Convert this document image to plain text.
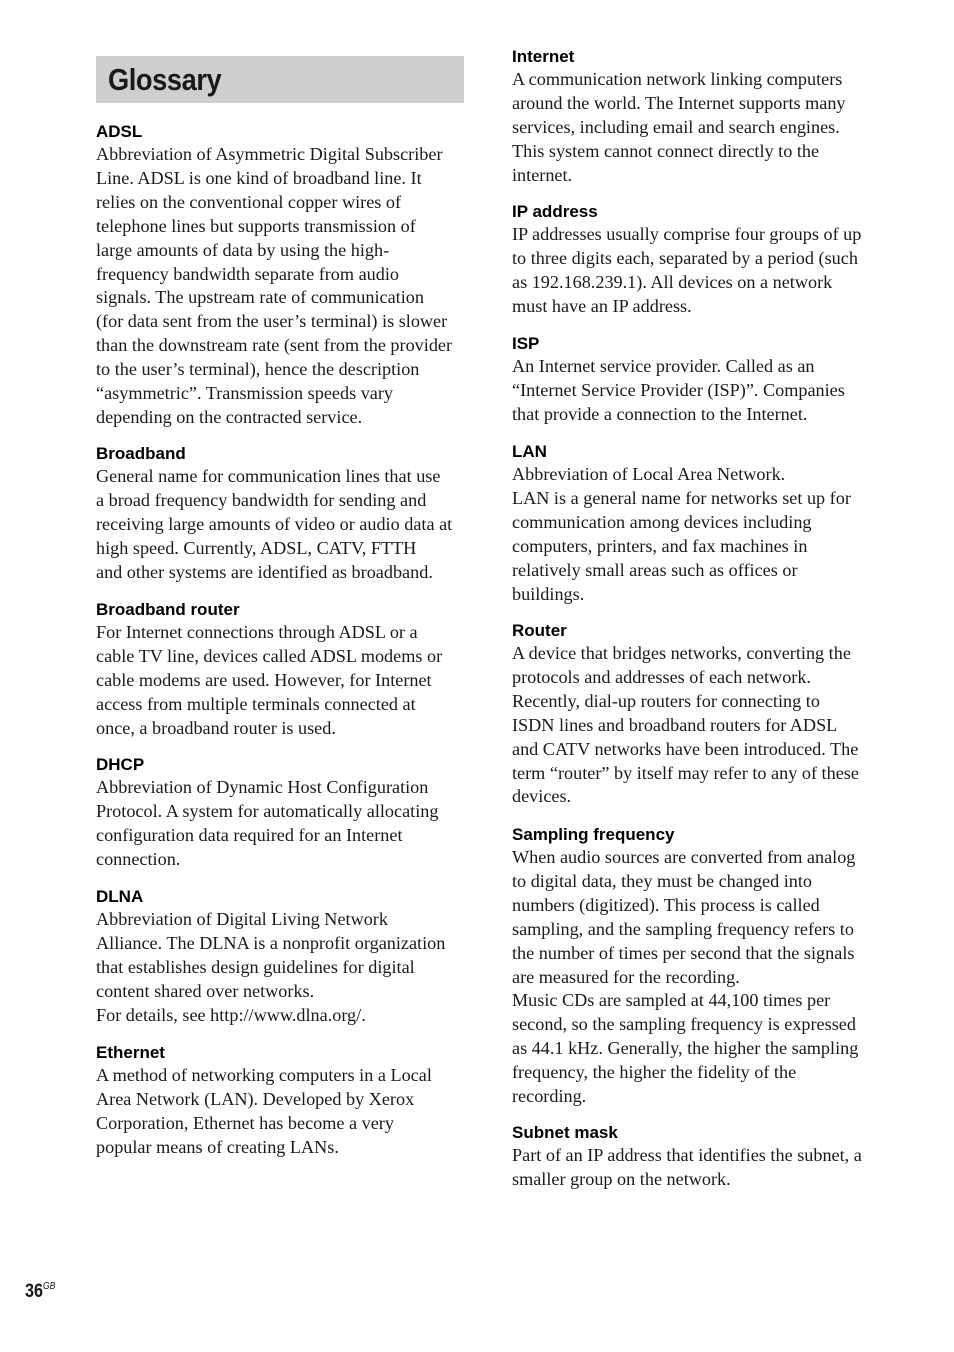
Glossary
ADSL

Abbreviation of Asymmetric Digital Subscriber
Line. ADSL is one kind of broadband line. It
relies on the conventional copper wires of
telephone lines but supports transmission of
large amounts of data by using the high-
frequency bandwidth separate from audio
signals. The upstream rate of communication
(for data sent from the user’s terminal) is slower
than the downstream rate (sent from the provider
to the user’s terminal), hence the description
“asymmetric”. Transmission speeds vary
depending on the contracted service.

Broadband

General name for communication lines that use
a broad frequency bandwidth for sending and
receiving large amounts of video or audio data at
high speed. Currently, ADSL, CATV, FTTH
and other systems are identified as broadband.

Broadband router

For Internet connections through ADSL or a
cable TV line, devices called ADSL modems or
cable modems are used. However, for Internet
access from multiple terminals connected at
once, a broadband router is used.

DHCP

Abbreviation of Dynamic Host Configuration
Protocol. A system for automatically allocating
configuration data required for an Internet
connection.

DLNA

Abbreviation of Digital Living Network
Alliance. The DLNA is a nonprofit organization
that establishes design guidelines for digital
content shared over networks.
For details, see http://www.dlna.org/.

Ethernet

A method of networking computers in a Local
Area Network (LAN). Developed by Xerox
Corporation, Ethernet has become a very
popular means of creating LANs.

Internet

A communication network linking computers
around the world. The Internet supports many
services, including email and search engines.
This system cannot connect directly to the
internet.

IP address

IP addresses usually comprise four groups of up
to three digits each, separated by a period (such
as 192.168.239.1). All devices on a network
must have an IP address.

ISP

An Internet service provider. Called as an
“Internet Service Provider (ISP)”. Companies
that provide a connection to the Internet.

LAN

Abbreviation of Local Area Network.
LAN is a general name for networks set up for
communication among devices including
computers, printers, and fax machines in
relatively small areas such as offices or
buildings.

Router

A device that bridges networks, converting the
protocols and addresses of each network.
Recently, dial-up routers for connecting to
ISDN lines and broadband routers for ADSL
and CATV networks have been introduced. The
term “router” by itself may refer to any of these
devices.

Sampling frequency

When audio sources are converted from analog
to digital data, they must be changed into
numbers (digitized). This process is called
sampling, and the sampling frequency refers to
the number of times per second that the signals
are measured for the recording.
Music CDs are sampled at 44,100 times per
second, so the sampling frequency is expressed
as 44.1 kHz. Generally, the higher the sampling
frequency, the higher the fidelity of the
recording.

Subnet mask

Part of an IP address that identifies the subnet, a
smaller group on the network.

$36^{GB}$
